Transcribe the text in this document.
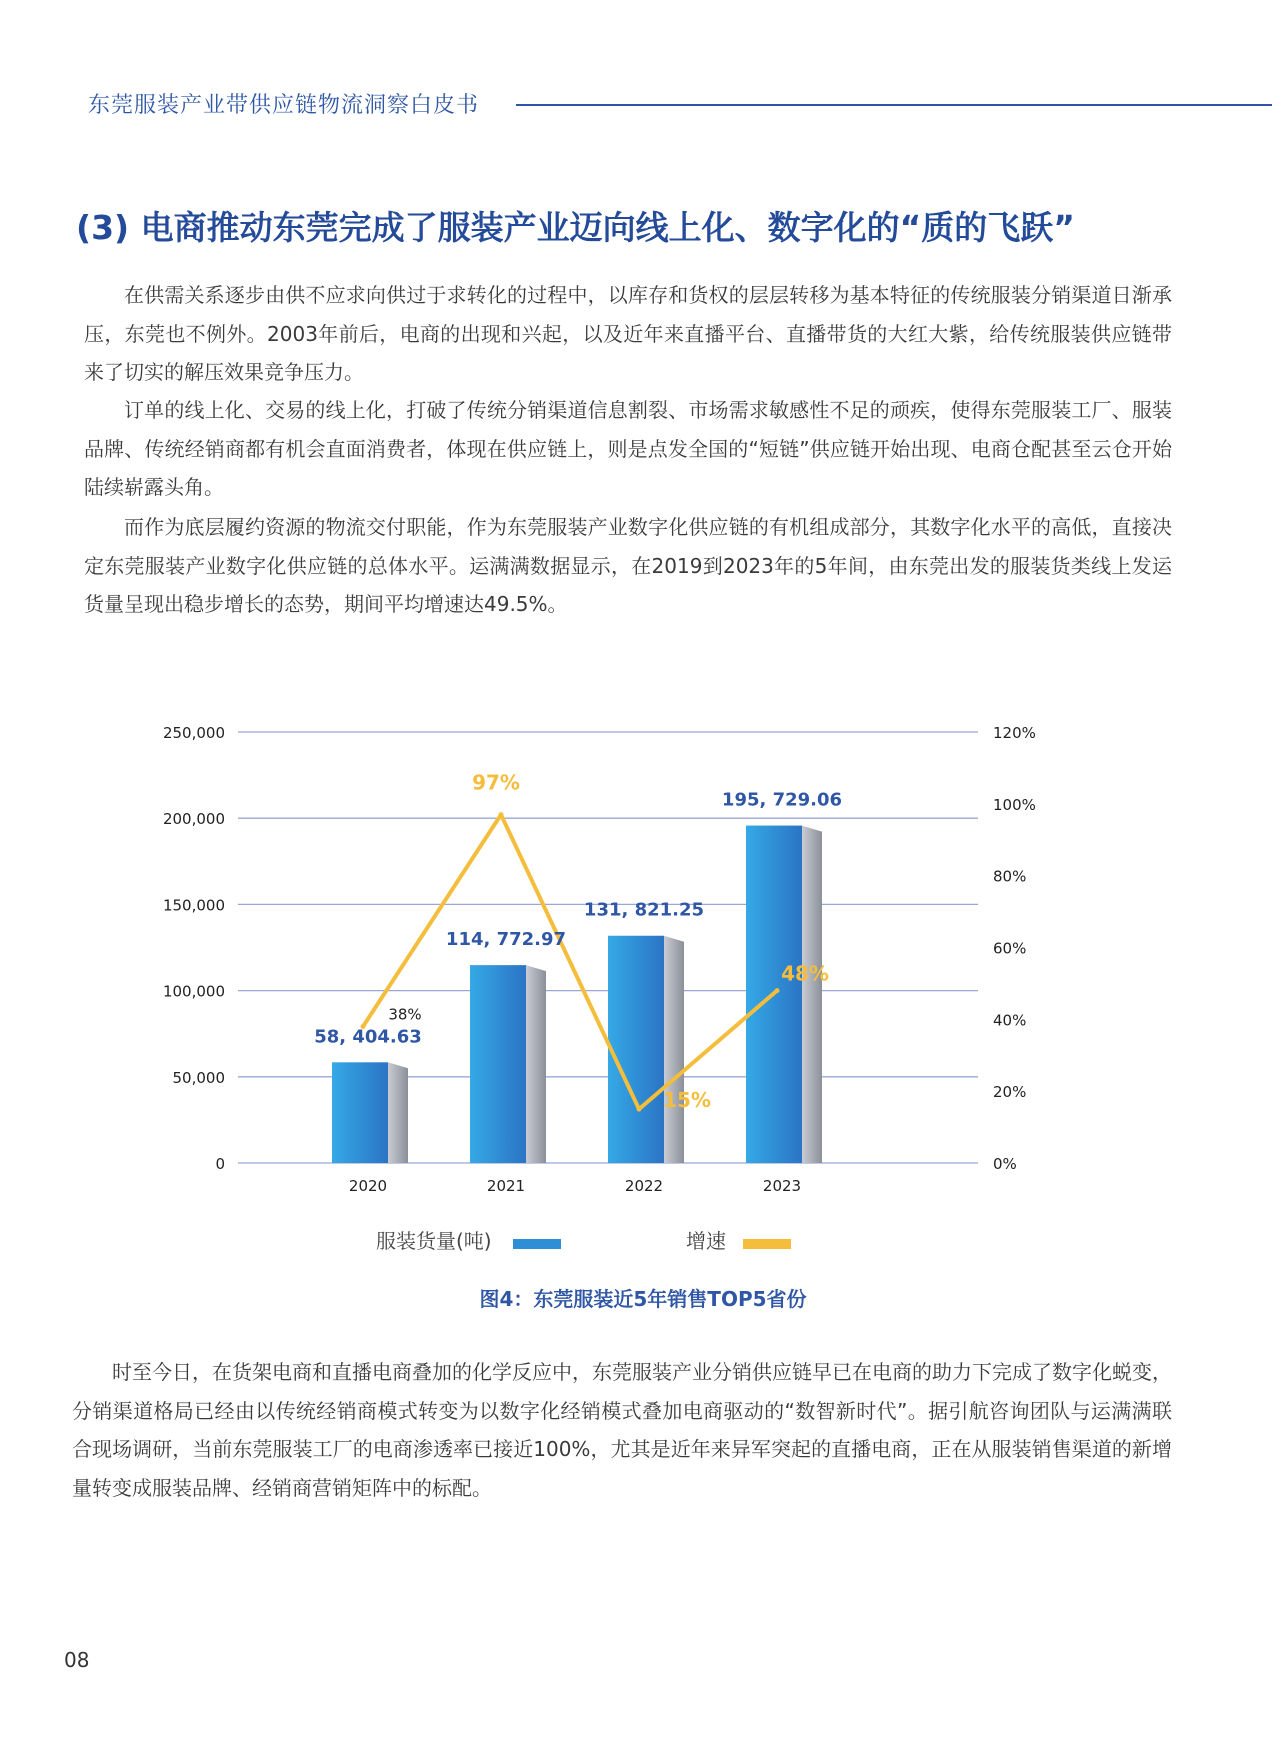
东莞服装产业带供应链物流洞察白皮书
(3) 电商推动东莞完成了服装产业迈向线上化、数字化的“质的飞跃”

在供需关系逐步由供不应求向供过于求转化的过程中，以库存和货权的层层转移为基本特征的传统服装分销渠道日渐承压，东莞也不例外。2003年前后，电商的出现和兴起，以及近年来直播平台、直播带货的大红大紫，给传统服装供应链带来了切实的解压效果竞争压力。

订单的线上化、交易的线上化，打破了传统分销渠道信息割裂、市场需求敏感性不足的顽疾，使得东莞服装工厂、服装品牌、传统经销商都有机会直面消费者，体现在供应链上，则是点发全国的“短链”供应链开始出现、电商仓配甚至云仓开始陆续崭露头角。

而作为底层履约资源的物流交付职能，作为东莞服装产业数字化供应链的有机组成部分，其数字化水平的高低，直接决定东莞服装产业数字化供应链的总体水平。运满满数据显示，在2019到2023年的5年间，由东莞出发的服装货类线上发运货量呈现出稳步增长的态势，期间平均增速达49.5%。

0
50,000
100,000
150,000
200,000
250,000
0%
20%
40%
60%
80%
100%
120%
58, 404.63
2020
114, 772.97
2021
131, 821.25
2022
195, 729.06
2023
38%
97%
15%
48%
服装货量(吨)	增速
图4：东莞服装近5年销售TOP5省份

时至今日，在货架电商和直播电商叠加的化学反应中，东莞服装产业分销供应链早已在电商的助力下完成了数字化蜕变，分销渠道格局已经由以传统经销商模式转变为以数字化经销模式叠加电商驱动的“数智新时代”。据引航咨询团队与运满满联合现场调研，当前东莞服装工厂的电商渗透率已接近100%，尤其是近年来异军突起的直播电商，正在从服装销售渠道的新增量转变成服装品牌、经销商营销矩阵中的标配。

08
